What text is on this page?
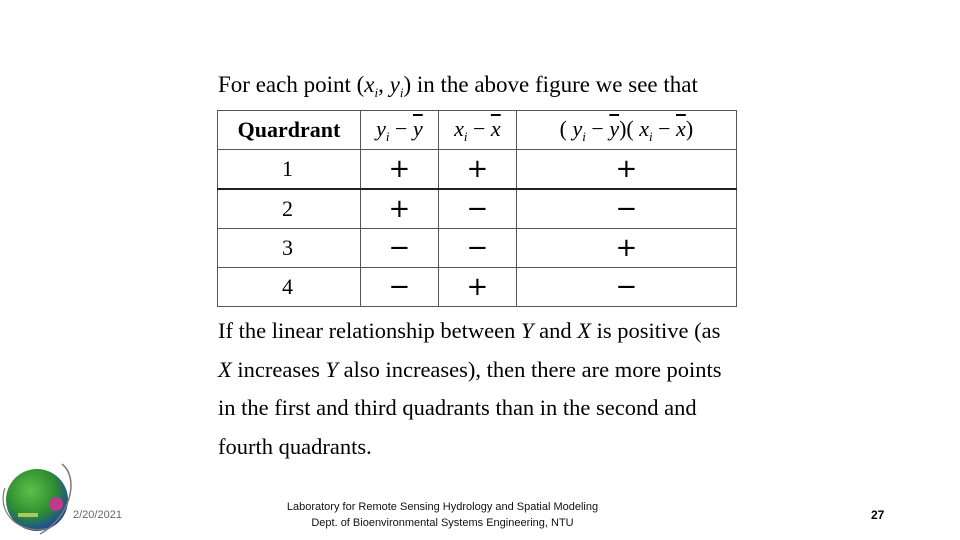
For each point ($x_i$, $y_i$) in the above figure we see that
Quardrant	$y_i - \overline{y}$	$x_i - \overline{x}$	( $y_i - \overline{y}$)( $x_i - \overline{x}$)
1	+	+	+
2	+	−	−
3	−	−	+
4	−	+	−
If the linear relationship between Y and X is positive (as
X increases Y also increases), then there are more points
in the first and third quadrants than in the second and
fourth quadrants.
2/20/2021
Laboratory for Remote Sensing Hydrology and Spatial Modeling
Dept. of Bioenvironmental Systems Engineering, NTU
27
